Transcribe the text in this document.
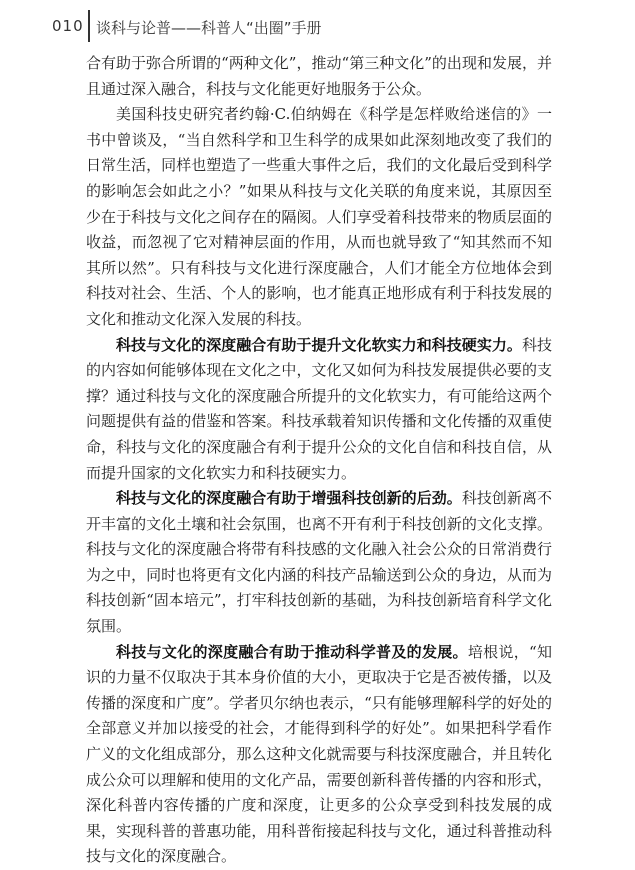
010 谈科与论普——科普人“出圈”手册

合有助于弥合所谓的“两种文化”，推动“第三种文化”的出现和发展，并且通过深入融合，科技与文化能更好地服务于公众。

美国科技史研究者约翰·C.伯纳姆在《科学是怎样败给迷信的》一书中曾谈及，“当自然科学和卫生科学的成果如此深刻地改变了我们的日常生活，同样也塑造了一些重大事件之后，我们的文化最后受到科学的影响怎会如此之小？”如果从科技与文化关联的角度来说，其原因至少在于科技与文化之间存在的隔阂。人们享受着科技带来的物质层面的收益，而忽视了它对精神层面的作用，从而也就导致了“知其然而不知其所以然”。只有科技与文化进行深度融合，人们才能全方位地体会到科技对社会、生活、个人的影响，也才能真正地形成有利于科技发展的文化和推动文化深入发展的科技。

科技与文化的深度融合有助于提升文化软实力和科技硬实力。科技的内容如何能够体现在文化之中，文化又如何为科技发展提供必要的支撑？通过科技与文化的深度融合所提升的文化软实力，有可能给这两个问题提供有益的借鉴和答案。科技承载着知识传播和文化传播的双重使命，科技与文化的深度融合有利于提升公众的文化自信和科技自信，从而提升国家的文化软实力和科技硬实力。

科技与文化的深度融合有助于增强科技创新的后劲。科技创新离不开丰富的文化土壤和社会氛围，也离不开有利于科技创新的文化支撑。科技与文化的深度融合将带有科技感的文化融入社会公众的日常消费行为之中，同时也将更有文化内涵的科技产品输送到公众的身边，从而为科技创新“固本培元”，打牢科技创新的基础，为科技创新培育科学文化氛围。

科技与文化的深度融合有助于推动科学普及的发展。培根说，“知识的力量不仅取决于其本身价值的大小，更取决于它是否被传播，以及传播的深度和广度”。学者贝尔纳也表示，“只有能够理解科学的好处的全部意义并加以接受的社会，才能得到科学的好处”。如果把科学看作广义的文化组成部分，那么这种文化就需要与科技深度融合，并且转化成公众可以理解和使用的文化产品，需要创新科普传播的内容和形式，深化科普内容传播的广度和深度，让更多的公众享受到科技发展的成果，实现科普的普惠功能，用科普衔接起科技与文化，通过科普推动科技与文化的深度融合。
